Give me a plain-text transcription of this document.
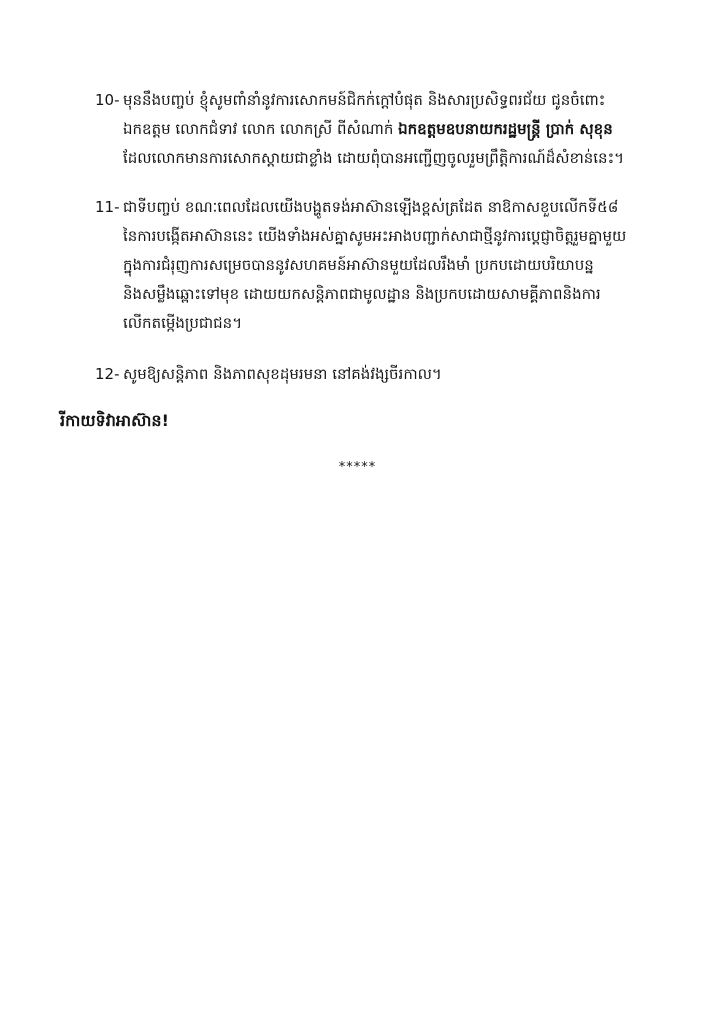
10- មុននឹងបញ្ចប់ ខ្ញុំសូមពាំនាំនូវការសោកមន៍ជិកក់ក្តៅបំផុត និងសារប្រសិទ្ធពរជ័យ ជូនចំពោះ
ឯកឧត្តម លោកជំទាវ លោក លោកស្រី ពីសំណាក់ ឯកឧត្តមឧបនាយករដ្ឋមន្ត្រី ប្រាក់ សុខុន
ដែលលោកមានការសោកស្តាយជាខ្លាំង ដោយពុំបានអញ្ជើញចូលរួមព្រឹត្តិការណ៍ដ៏សំខាន់នេះ។
11- ជាទីបញ្ចប់ ខណៈពេលដែលយើងបង្ហូតទង់អាស៊ានឡើងខ្ពស់ត្រដែត នាឱកាសខួបលើកទី៥៨
នៃការបង្កើតអាស៊ាននេះ យើងទាំងអស់គ្នាសូមអះអាងបញ្ជាក់សាជាថ្មីនូវការប្តេជ្ញាចិត្តរួមគ្នាមួយ
ក្នុងការជំរុញការសម្រេចបាននូវសហគមន៍អាស៊ានមួយដែលរឹងមាំ ប្រកបដោយបរិយាបន្ន
និងសម្លឹងឆ្ពោះទៅមុខ ដោយយកសន្តិភាពជាមូលដ្ឋាន និងប្រកបដោយសាមគ្គីភាពនិងការ
លើកតម្កើងប្រជាជន។
12- សូមឱ្យសន្តិភាព និងភាពសុខដុមរមនា នៅគង់វង្សចីរកាល។
រីកាយទិវាអាស៊ាន!
*****
